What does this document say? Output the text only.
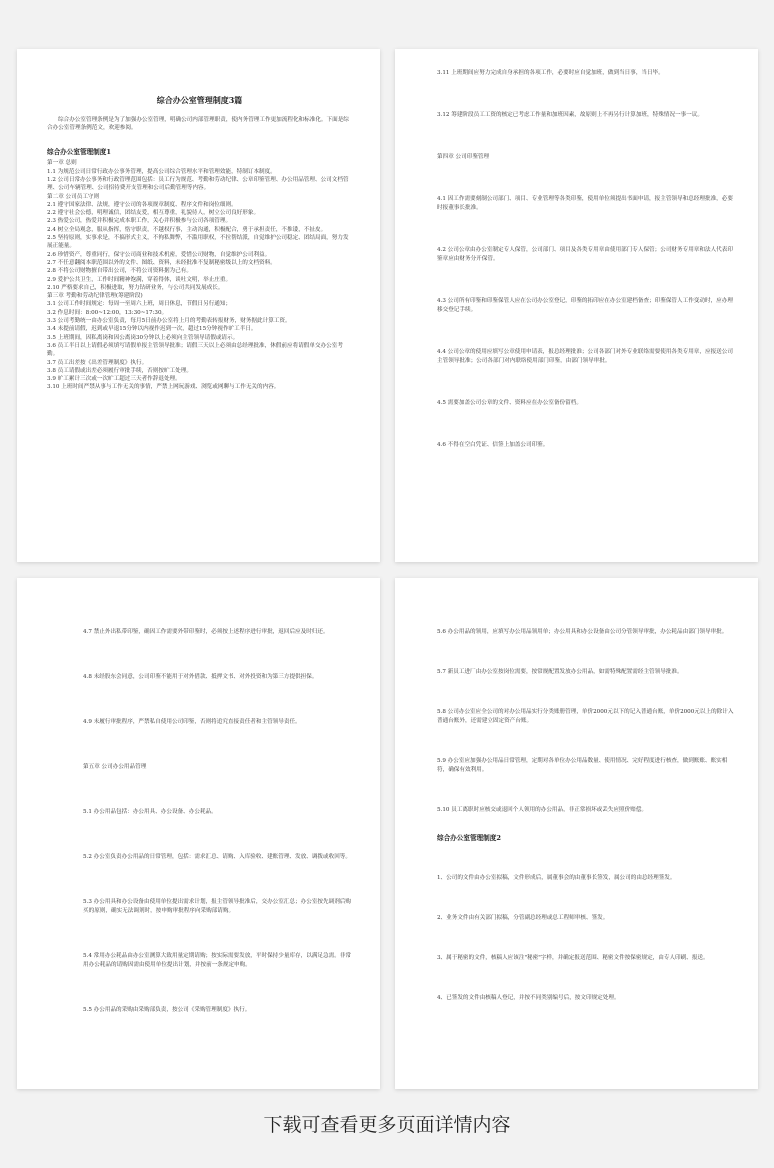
综合办公室管理制度3篇

综合办公室管理条例是为了加强办公室管理，明确公司内部管理职责，使内务管理工作更加流程化和标准化。下面是综合办公室管理条例范文，欢迎参阅。

综合办公室管理制度1

第一章 总则

1.1 为规范公司日常行政办公事务管理，提高公司综合管理水平和管理效能，特制订本制度。

1.2 公司日常办公事务和行政管理范围包括：员工行为规范、考勤和劳动纪律、公章印鉴管理、办公用品管理、公司文档管理、公司车辆管理、公司招待费开支管理和公司后勤管理等内容。

第二章 公司员工守则

2.1 遵守国家法律、法规，遵守公司的各项规章制度、程序文件和岗位细则。

2.2 遵守社会公德，明理诚信，团结友爱，相互尊重，礼貌待人，树立公司良好形象。

2.3 热爱公司，热爱并积极完成本职工作，关心并积极参与公司各项管理。

2.4 树立全局观念，服从指挥，恪守职责，不越权行事，主动沟通，积极配合，勇于承担责任，不推诿，不扯皮。

2.5 坚持原则，实事求是，不搞形式主义，不徇私舞弊，不滥用职权，不拉帮结派，自觉维护公司稳定、团结局面，努力发展正能量。

2.6 珍惜资产，尊重同行，保守公司商业和技术机密，爱惜公司财物，自觉维护公司利益。

2.7 不任意翻阅本职范围以外的文件、图纸、资料，未经批准不复制秘密级以上的文档资料。

2.8 不将公司财物擅自带出公司，不将公司资料据为己有。

2.9 爱护公共卫生，工作时间精神饱满，穿着得体，谈吐文明，举止庄重。

2.10 严格要求自己，积极进取，努力钻研业务，与公司共同发展成长。

第三章 考勤和劳动纪律管理(筹建阶段)

3.1 公司工作时间规定：每周一至周六上班，周日休息，节假日另行通知；

3.2 作息时间：8:00~12:00，13:30~17:30。

3.3 公司考勤统一由办公室负责，每月5日前办公室将上月的考勤表转报财务，财务据此计算工资。

3.4 未提前请假，迟到或早退15分钟以内视作迟到一次，超过15分钟视作旷工半日。

3.5 上班期间，因私离岗和因公离岗30分钟以上必须向主管领导请假或请示。

3.6 员工半日以上请假必须填写请假单报主管领导批准；请假三天以上必须由总经理批准，休假前应将请假单交办公室考勤。

3.7 员工出差按《出差管理制度》执行。

3.8 员工请假或出差必须履行审批手续，否则按旷工处理。

3.9 旷工累计三次或一次旷工超过三天者作辞退处理。

3.10 上班时间严禁从事与工作无关的事情，严禁上网玩游戏、浏览或网聊与工作无关的内容。

3.11 上班期间应努力完成自身承担的各项工作，必要时应自觉加班，做到当日事，当日毕。

3.12 筹建阶段员工工资的核定已考虑工作量和加班因素，故原则上不再另行计算加班，特殊情况一事一议。

第四章 公司印鉴管理

4.1 因工作需要刻制公司部门、项目、专业管理等各类印鉴，使用单位须提出书面申请，报主管领导和总经理批准，必要时报董事长批准。

4.2 公司公章由办公室制定专人保管，公司部门、项目及各类专用章由使用部门专人保管；公司财务专用章和法人代表印鉴章应由财务分开保管。

4.3 公司所有印鉴和印鉴保管人应在公司办公室登记，印鉴的拓印应在办公室建档备查；印鉴保管人工作变动时，应办理移交登记手续。

4.4 公司公章的使用应填写公章使用申请表，报总经理批准；公司各部门对外专业联络需要使用各类专用章，应报送公司主管领导批准；公司各部门对内联络使用部门印鉴，由部门领导审批。

4.5 需要加盖公司公章的文件、资料应在办公室备份留档。

4.6 不得在空白凭证、信签上加盖公司印鉴。

4.7 禁止外出私带印鉴，确因工作需要外带印鉴时，必须按上述程序进行审批，返回后应及时归还。

4.8 未经股东会同意，公司印鉴不能用于对外借款、抵押文书、对外投资和为第三方提供担保。

4.9 未履行审批程序，严禁私自使用公司印鉴，否则将追究直接责任者和主管领导责任。

第五章 公司办公用品管理

5.1 办公用品包括：办公用具、办公设备、办公耗品。

5.2 办公室负责办公用品的日常管理，包括：需求汇总、请购、入库验收、建账管理、发放、调拨或收回等。

5.3 办公用具和办公设备由使用单位提出需求计划，报主管领导批准后，交办公室汇总；办公室按先调剂后购买的原则，确实无法调剂时，按申购审批程序向采购部请购。

5.4 常用办公耗品由办公室测算大致用量定期请购；按实际需要发放，平时保持少量库存，以满足急需。非常用办公耗品的请购因需由使用单位提出计划，并按前一条规定申购。

5.5 办公用品的采购由采购部负责，按公司《采购管理制度》执行。

5.6 办公用品的领用，应填写办公用品领用单；办公用具和办公设备由公司分管领导审批，办公耗品由部门领导审批。

5.7 新员工进厂由办公室按岗位需要，按常规配置发放办公用品，如需特殊配置需经主管领导批准。

5.8 公司办公室应全公司的对办公用品实行分类账册管理，单价2000元以下的记入普通台账，单价2000元以上的除计入普通台账外，还需建立固定资产台账。

5.9 办公室应加强办公用品日常管理，定期对各单位办公用品数量、使用情况、完好程度进行核查，做到账账、账实相符，确保有效利用。

5.10 员工离职时应核交或退回个人领用的办公用品，非正常损坏或丢失应照价赔偿。

综合办公室管理制度2

1、公司的文件由办公室拟稿，文件形成后，属董事会的由董事长签发，属公司的由总经理签发。

2、业务文件由有关部门拟稿，分管副总经理或总工程师审核、签发。

3、属于秘密的文件，核稿人应该注"秘密"字样，并确定报送范围、秘密文件按保密规定，由专人印刷、报送。

4、已签发的文件由核稿人登记，并按不同类别编号后，按文印规定处理。

下载可查看更多页面详情内容
